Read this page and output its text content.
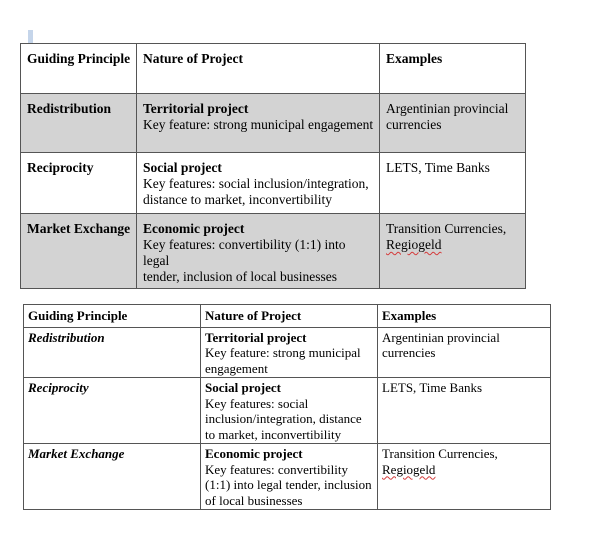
Guiding Principle	Nature of Project	Examples
Redistribution	Territorial project
Key feature: strong municipal engagement	Argentinian provincial
currencies

Reciprocity	Social project
Key features: social inclusion/integration,
distance to market, inconvertibility	LETS, Time Banks

Market Exchange	Economic project
Key features: convertibility (1:1) into legal
tender, inclusion of local businesses	Transition Currencies,
Regiogeld
Guiding Principle	Nature of Project	Examples
Redistribution	Territorial project
Key feature: strong municipal
engagement	Argentinian provincial
currencies

Reciprocity	Social project
Key features: social
inclusion/integration, distance
to market, inconvertibility	LETS, Time Banks

Market Exchange	Economic project
Key features: convertibility
(1:1) into legal tender, inclusion
of local businesses	Transition Currencies,
Regiogeld
